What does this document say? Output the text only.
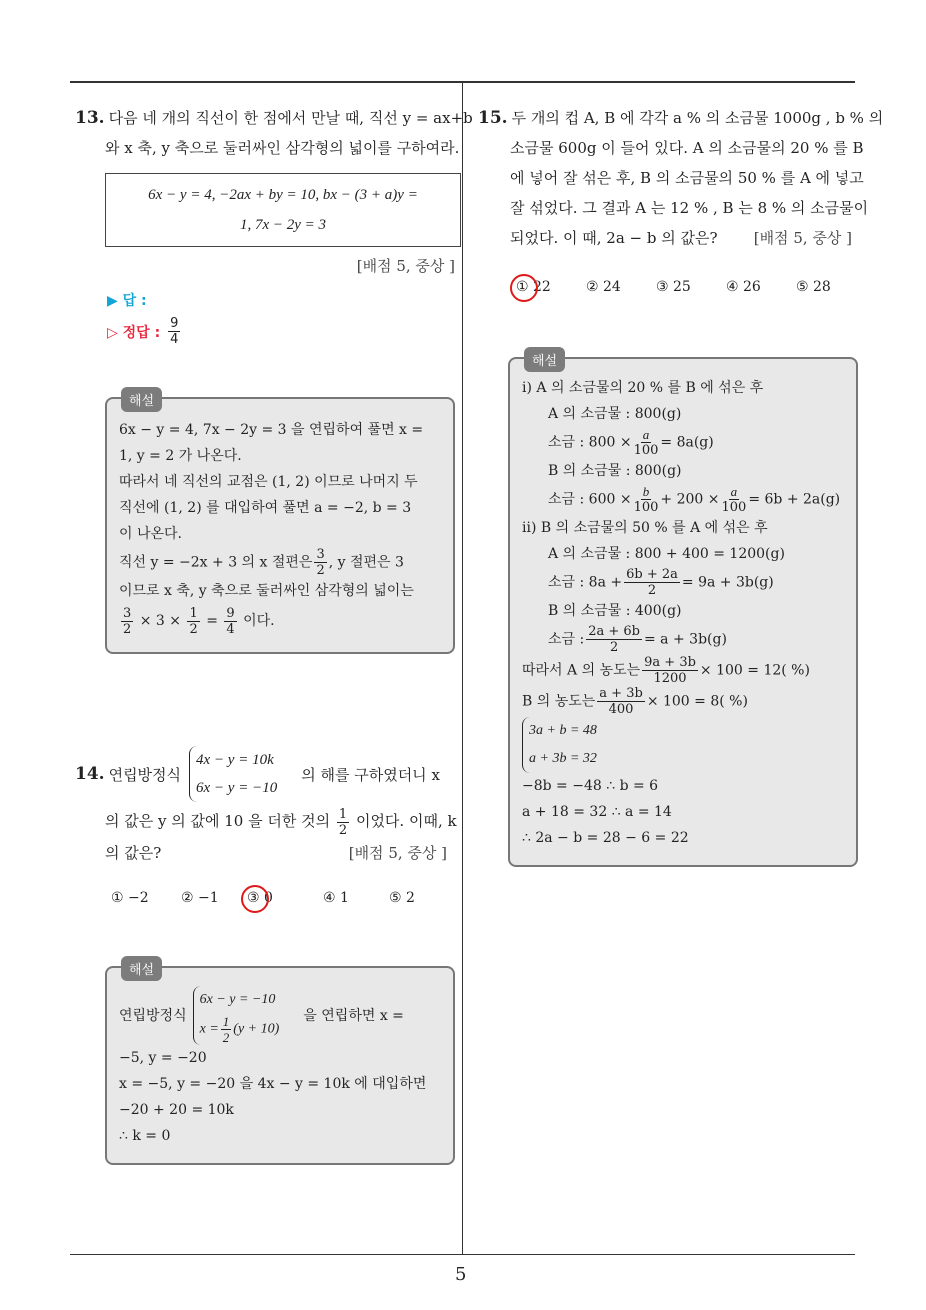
5
13. 다음 네 개의 직선이 한 점에서 만날 때, 직선 y = ax+b
와 x 축, y 축으로 둘러싸인 삼각형의 넓이를 구하여라.
6x − y = 4, −2ax + by = 10, bx − (3 + a)y =
1, 7x − 2y = 3
[배점 5, 중상 ]
▶ 답 :
▷ 정답 : $\frac{9}{4}$
해설

6x − y = 4, 7x − 2y = 3 을 연립하여 풀면 x =

1, y = 2 가 나온다.

따라서 네 직선의 교점은 (1, 2) 이므로 나머지 두

직선에 (1, 2) 를 대입하여 풀면 a = −2, b = 3

이 나온다.

직선 y = −2x + 3 의 x 절편은 $\frac{3}{2}$ , y 절편은 3

이므로 x 축, y 축으로 둘러싸인 삼각형의 넓이는

$\frac{3}{2} \times 3 \times \frac{1}{2} = \frac{9}{4}$ 이다.

14. 연립방정식
4x − y = 10k
6x − y = −10
의 해를 구하였더니 x
의 값은 y 의 값에 10 을 더한 것의 $\frac{1}{2}$ 이었다. 이때, k
의 값은?	[배점 5, 중상 ]
① −2	② −1	③ 0	④ 1	⑤ 2
해설
연립방정식
6x − y = −10
$x = \frac{1}{2} (y + 10)$
을 연립하면 x =

−5, y = −20

x = −5, y = −20 을 4x − y = 10k 에 대입하면

−20 + 20 = 10k

∴ k = 0

15. 두 개의 컵 A, B 에 각각 a % 의 소금물 1000g , b % 의
소금물 600g 이 들어 있다. A 의 소금물의 20 % 를 B
에 넣어 잘 섞은 후, B 의 소금물의 50 % 를 A 에 넣고
잘 섞었다. 그 결과 A 는 12 % , B 는 8 % 의 소금물이
되었다. 이 때, 2a − b 의 값은? [배점 5, 중상 ]
① 22	② 24	③ 25	④ 26	⑤ 28
해설

ⅰ) A 의 소금물의 20 % 를 B 에 섞은 후

A 의 소금물 : 800(g)

소금 : $800 \times \frac{a}{100} = 8a(g)$

B 의 소금물 : 800(g)

소금 : $600 \times \frac{b}{100} + 200 \times \frac{a}{100} = 6b + 2a(g)$

ⅱ) B 의 소금물의 50 % 를 A 에 섞은 후

A 의 소금물 : 800 + 400 = 1200(g)

소금 : $8a + \frac{6b + 2a}{2} = 9a + 3b(g)$

B 의 소금물 : 400(g)

소금 : $\frac{2a + 6b}{2} = a + 3b(g)$

따라서 A 의 농도는 $\frac{9a + 3b}{1200} \times 100 = 12$( %)

B 의 농도는 $\frac{a + 3b}{400} \times 100 = 8$( %)

3a + b = 48
a + 3b = 32

−8b = −48 ∴ b = 6

a + 18 = 32 ∴ a = 14

∴ 2a − b = 28 − 6 = 22
